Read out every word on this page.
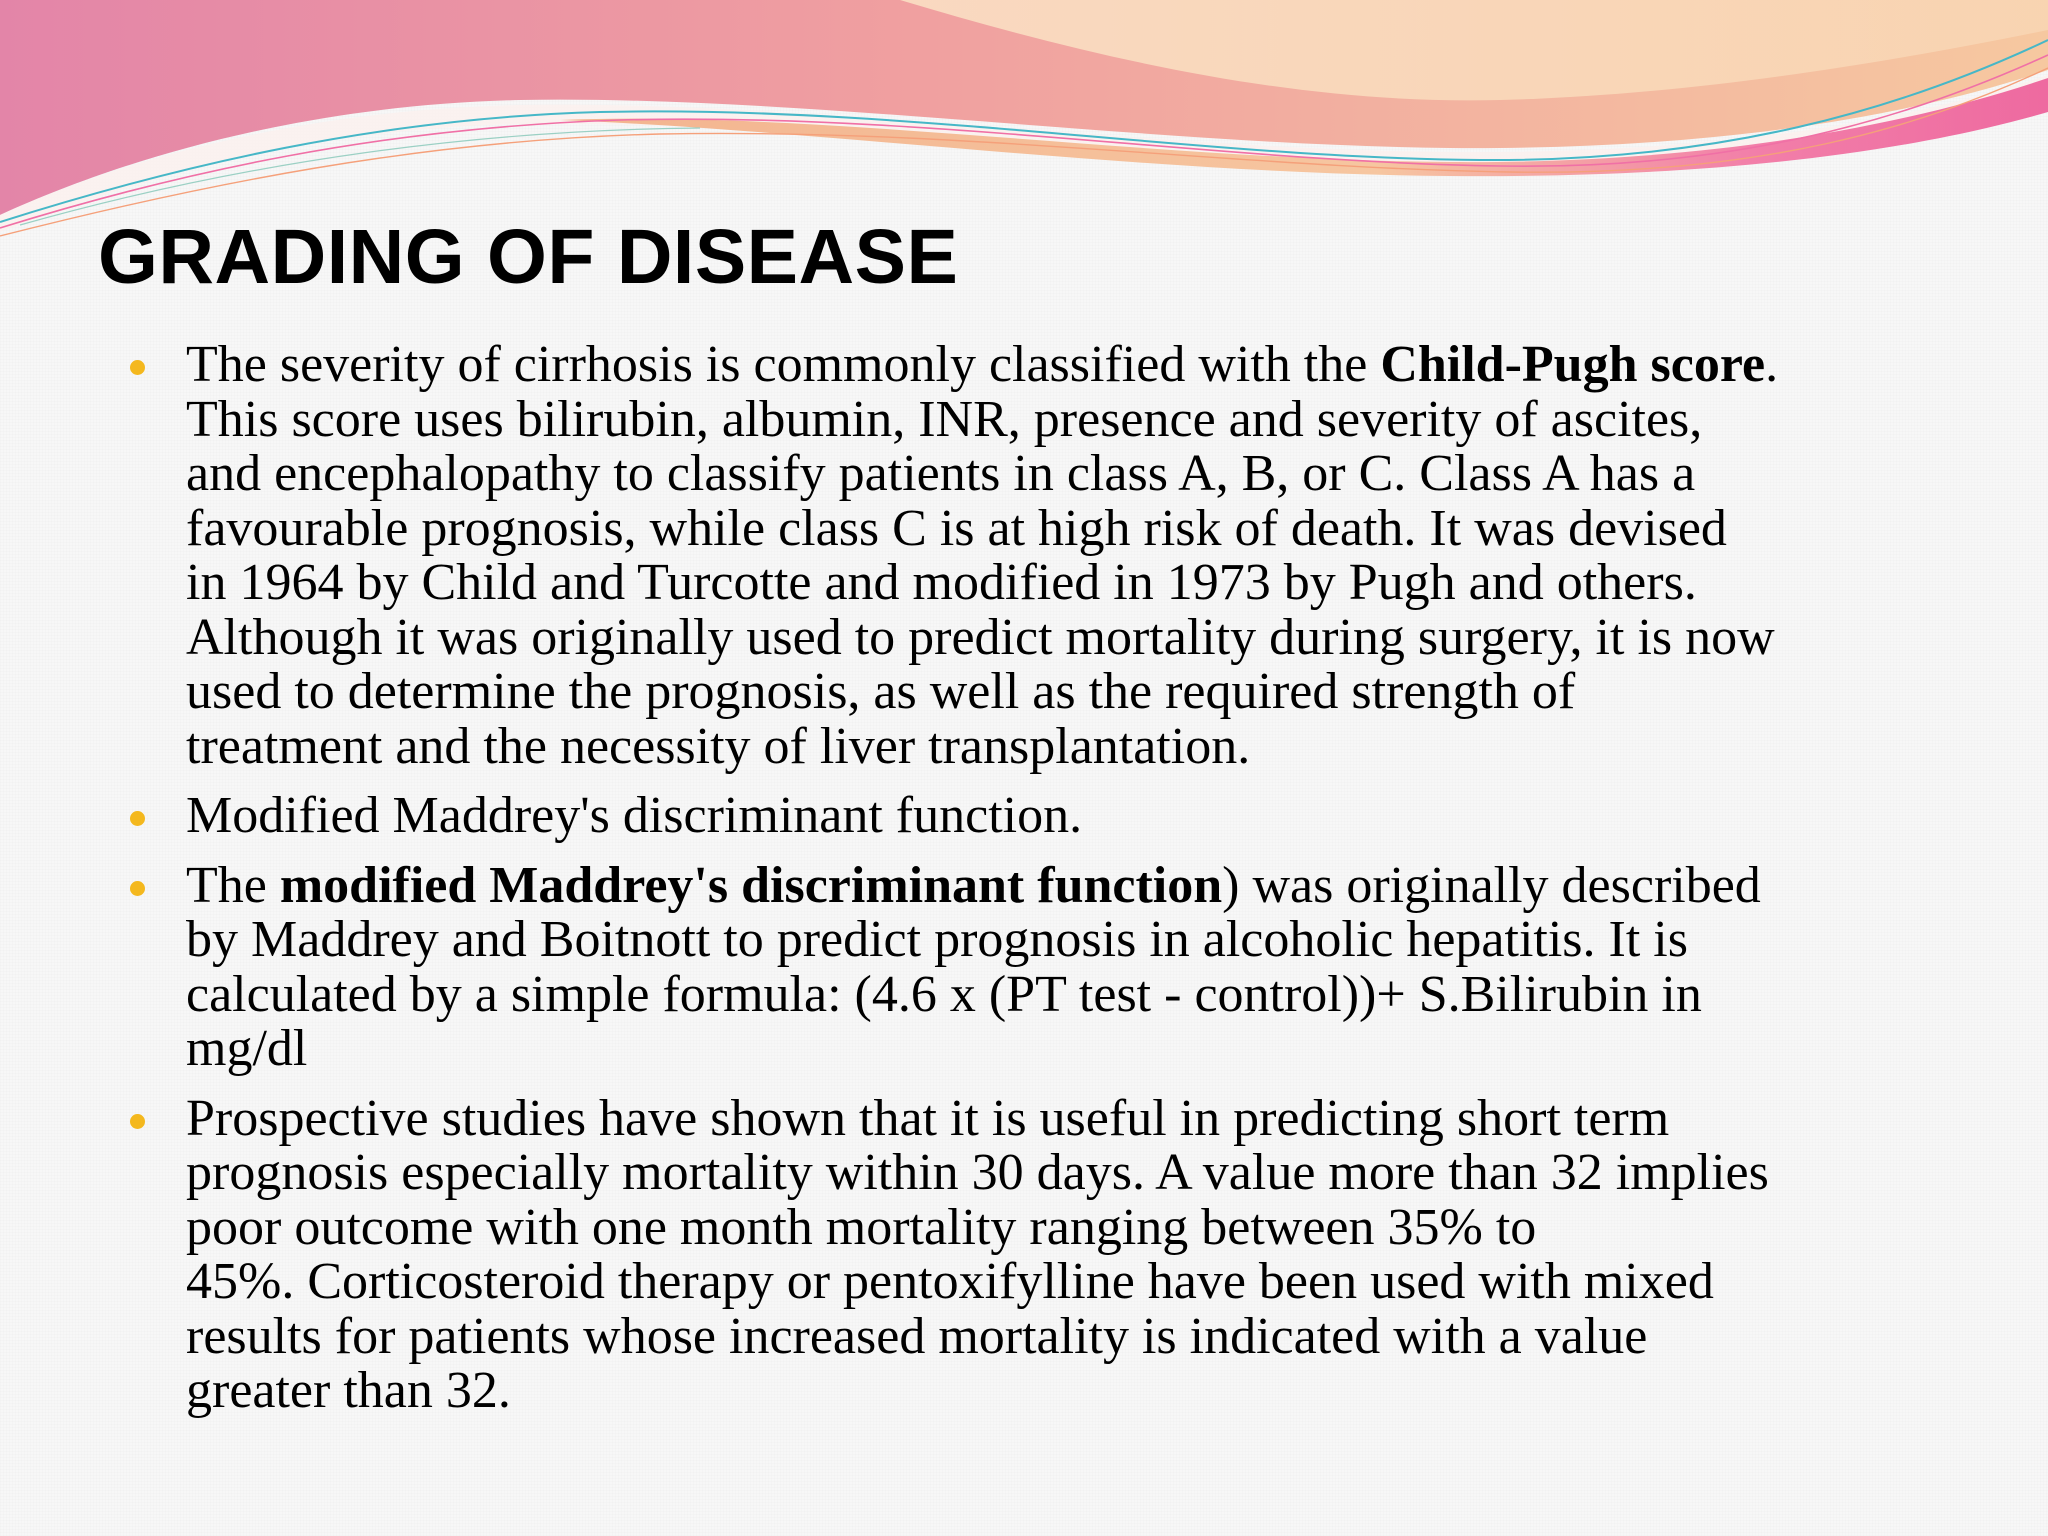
GRADING OF DISEASE
The severity of cirrhosis is commonly classified with the Child-Pugh score.
This score uses bilirubin, albumin, INR, presence and severity of ascites,
and encephalopathy to classify patients in class A, B, or C. Class A has a
favourable prognosis, while class C is at high risk of death. It was devised
in 1964 by Child and Turcotte and modified in 1973 by Pugh and others.
Although it was originally used to predict mortality during surgery, it is now
used to determine the prognosis, as well as the required strength of
treatment and the necessity of liver transplantation.
Modified Maddrey's discriminant function.
The modified Maddrey's discriminant function) was originally described
by Maddrey and Boitnott to predict prognosis in alcoholic hepatitis. It is
calculated by a simple formula: (4.6 x (PT test - control))+ S.Bilirubin in
mg/dl
Prospective studies have shown that it is useful in predicting short term
prognosis especially mortality within 30 days. A value more than 32 implies
poor outcome with one month mortality ranging between 35% to
45%. Corticosteroid therapy or pentoxifylline have been used with mixed
results for patients whose increased mortality is indicated with a value
greater than 32.
